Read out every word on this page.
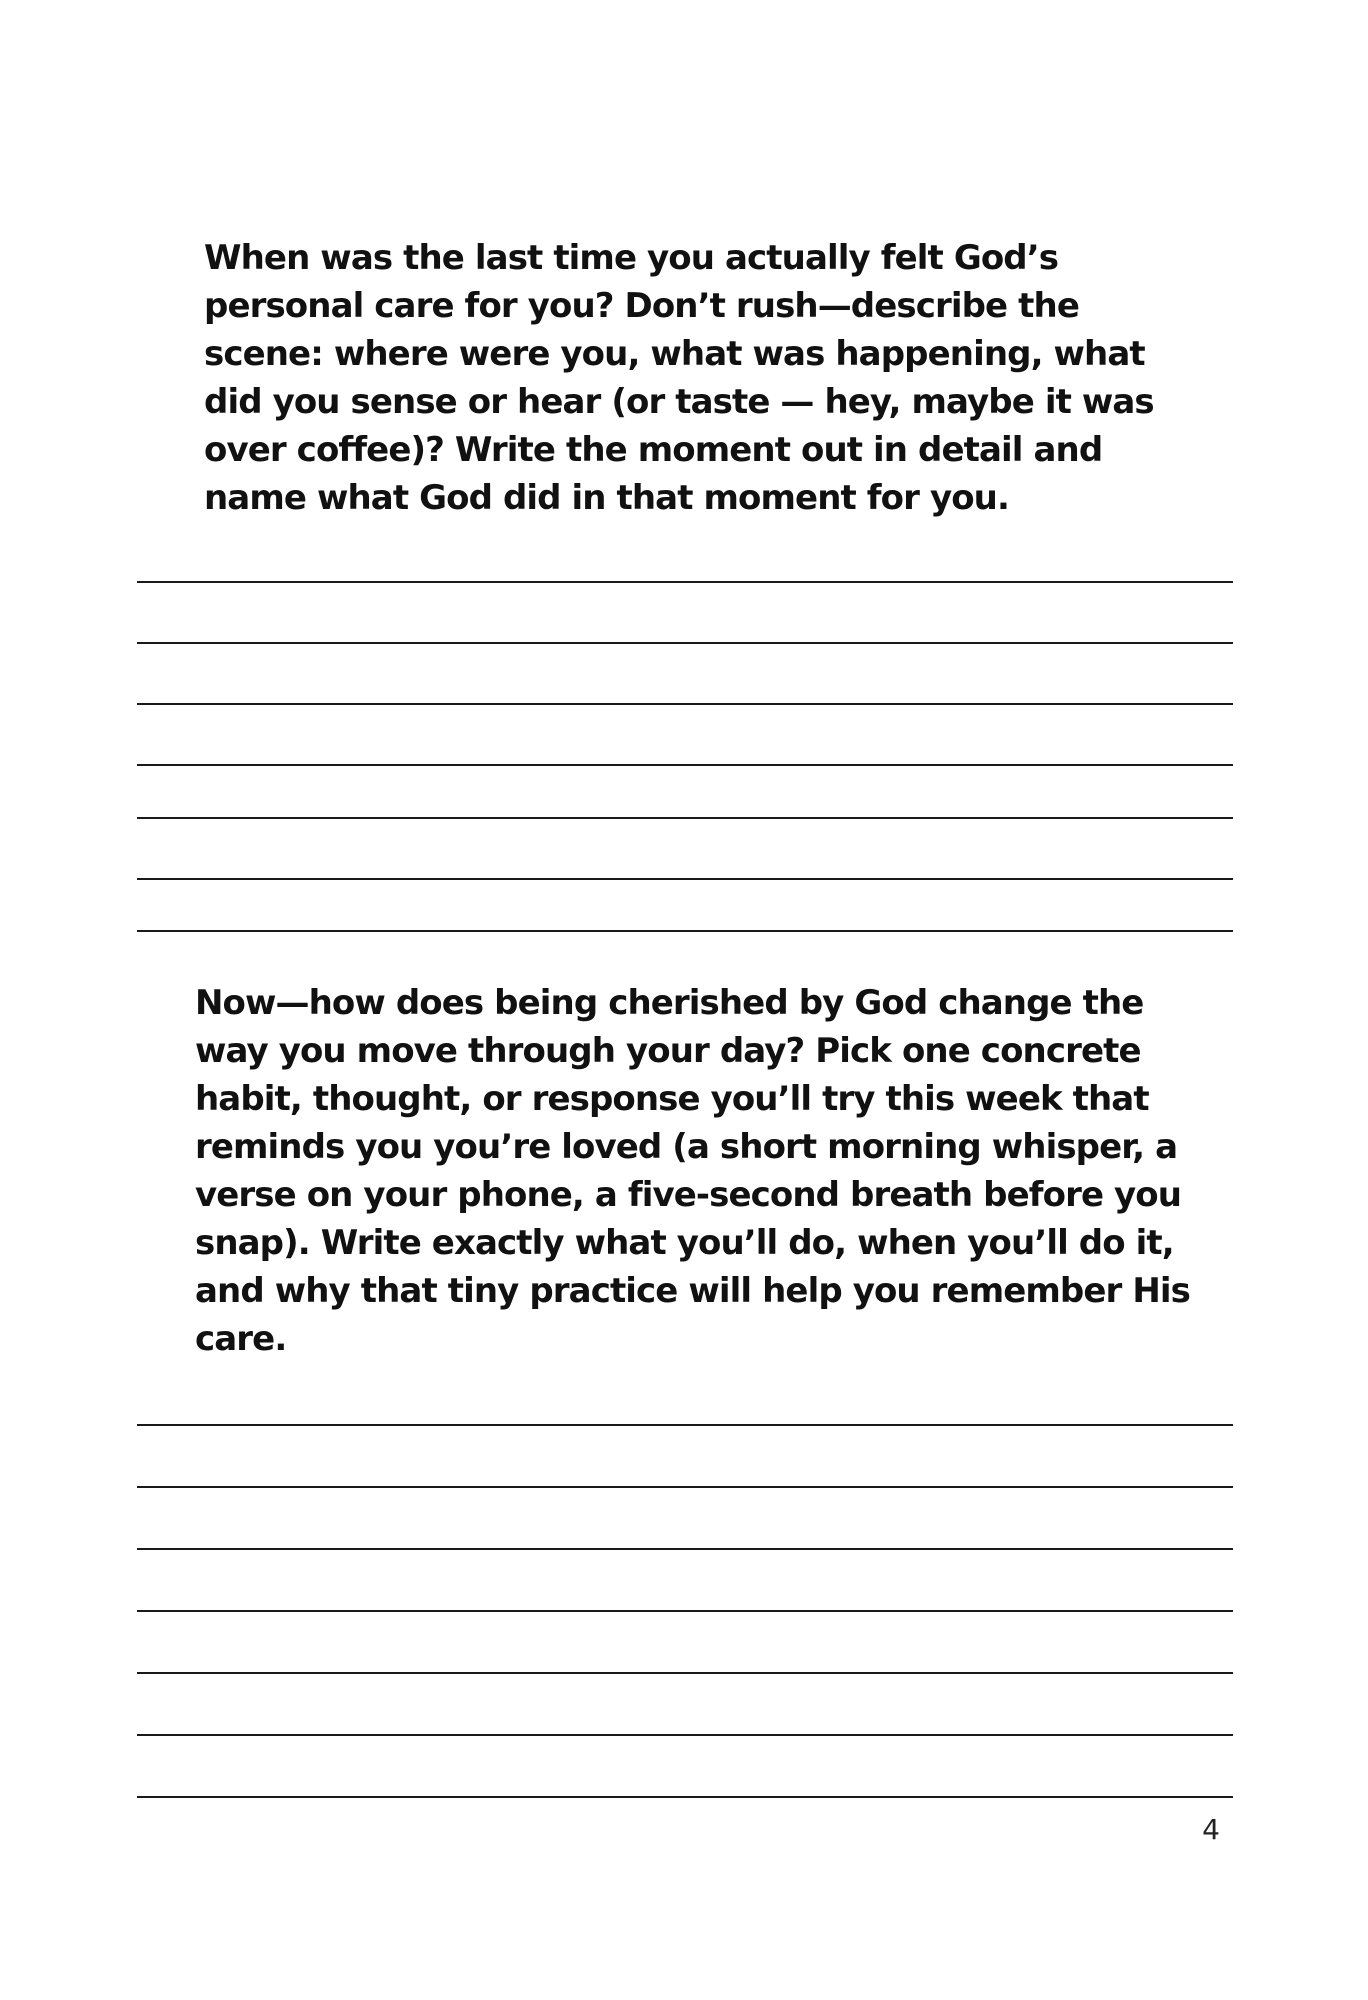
When was the last time you actually felt God’s
personal care for you? Don’t rush—describe the
scene: where were you, what was happening, what
did you sense or hear (or taste — hey, maybe it was
over coffee)? Write the moment out in detail and
name what God did in that moment for you.

Now—how does being cherished by God change the
way you move through your day? Pick one concrete
habit, thought, or response you’ll try this week that
reminds you you’re loved (a short morning whisper, a
verse on your phone, a five-second breath before you
snap). Write exactly what you’ll do, when you’ll do it,
and why that tiny practice will help you remember His
care.

4
